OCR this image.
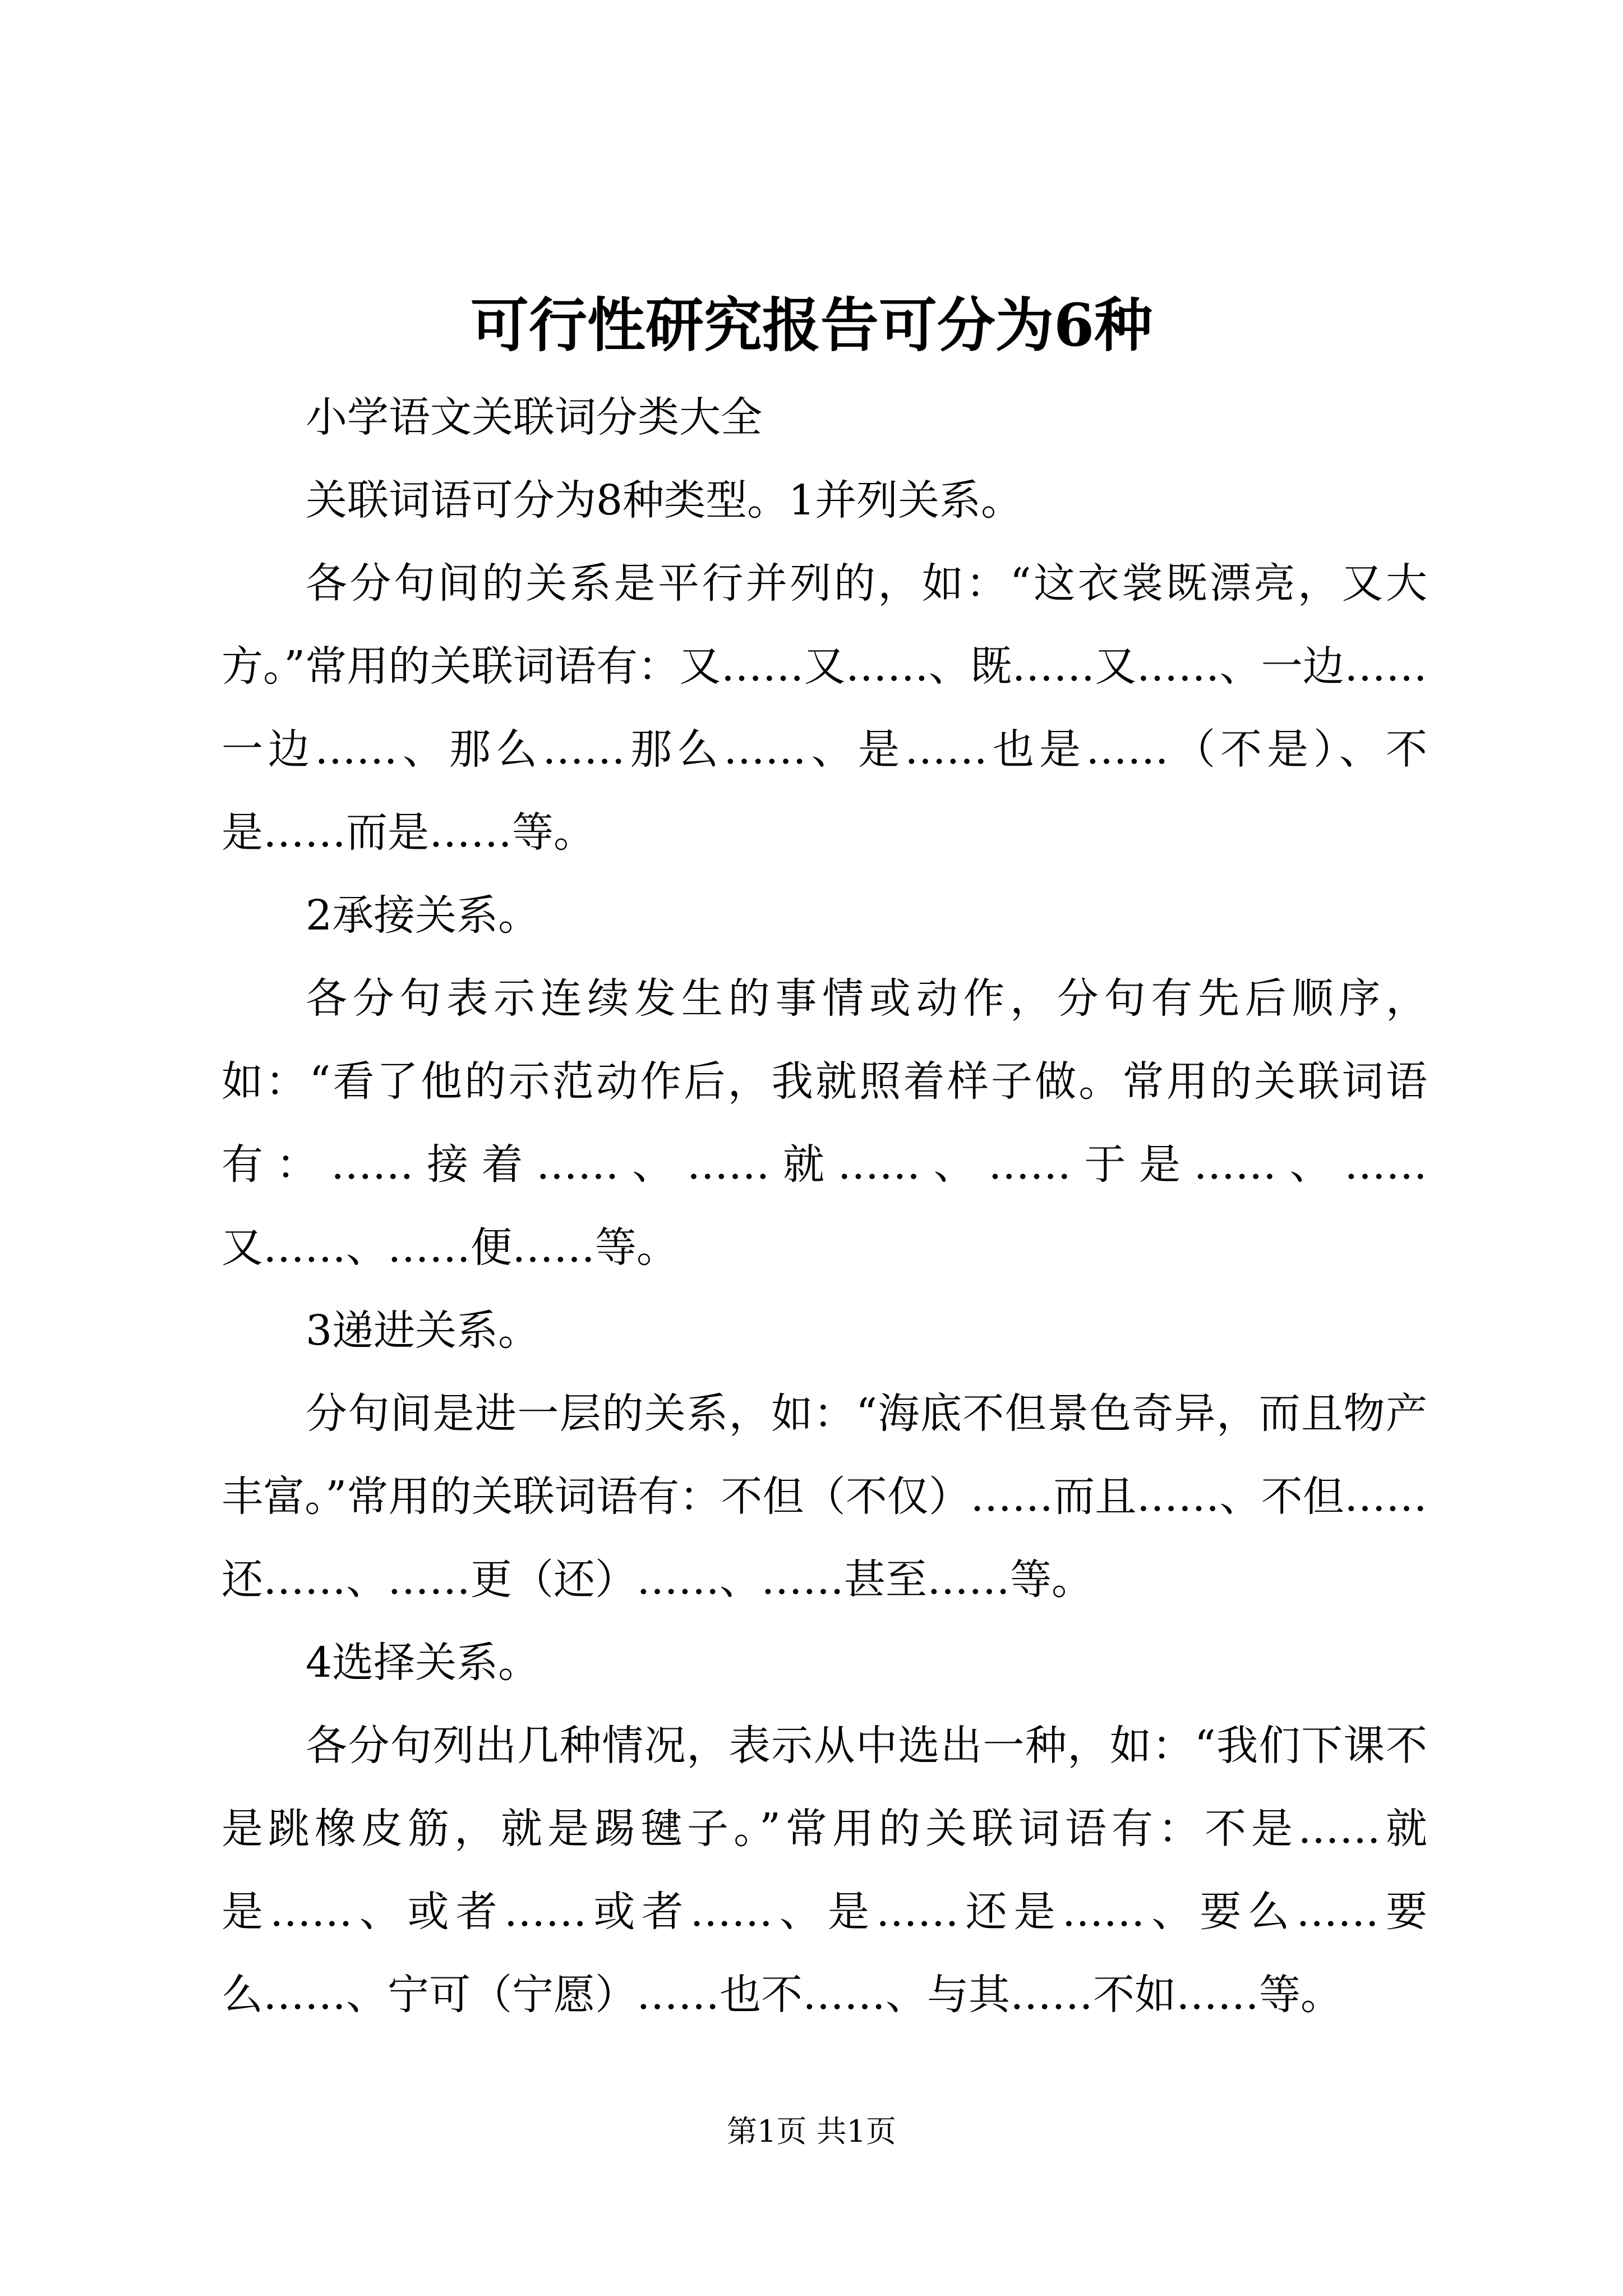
可行性研究报告可分为6种

小学语文关联词分类大全

关联词语可分为8种类型。1并列关系。

各分句间的关系是平行并列的，如：“这衣裳既漂亮，又大方。”常用的关联词语有：又……又……、既……又……、一边……一边……、那么……那么……、是……也是……（不是）、不是……而是……等。

2承接关系。

各分句表示连续发生的事情或动作，分句有先后顺序，如：“看了他的示范动作后，我就照着样子做。常用的关联词语有：……接着……、……就……、……于是……、……又……、……便……等。

3递进关系。

分句间是进一层的关系，如：“海底不但景色奇异，而且物产丰富。”常用的关联词语有：不但（不仅）……而且……、不但……还……、……更（还）……、……甚至……等。

4选择关系。

各分句列出几种情况，表示从中选出一种，如：“我们下课不是跳橡皮筋，就是踢毽子。”常用的关联词语有：不是……就是……、或者……或者……、是……还是……、要么……要么……、宁可（宁愿）……也不……、与其……不如……等。

第1页 共1页
